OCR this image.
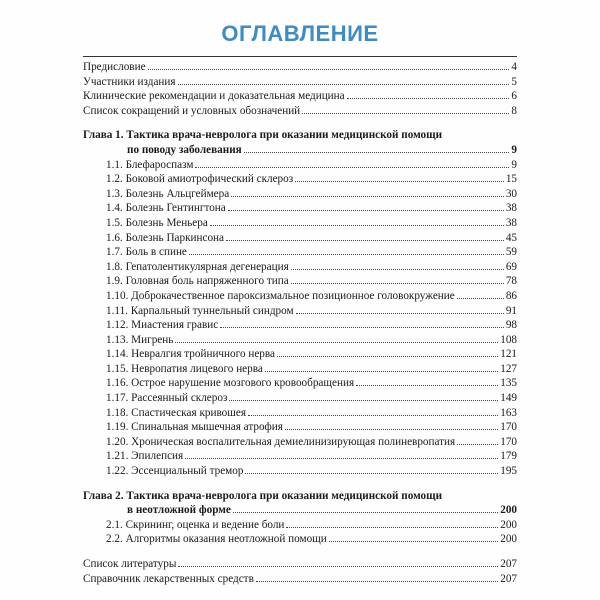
ОГЛАВЛЕНИЕ
Предисловие	4
Участники издания	5
Клинические рекомендации и доказательная медицина	6
Список сокращений и условных обозначений	8
Глава 1. Тактика врача-невролога при оказании медицинской помощи
по поводу заболевания	9
1.1. Блефароспазм	9
1.2. Боковой амиотрофический склероз	15
1.3. Болезнь Альцгеймера	30
1.4. Болезнь Гентингтона	38
1.5. Болезнь Меньера	38
1.6. Болезнь Паркинсона	45
1.7. Боль в спине	59
1.8. Гепатолентикулярная дегенерация	69
1.9. Головная боль напряженного типа	78
1.10. Доброкачественное пароксизмальное позиционное головокружение	86
1.11. Карпальный туннельный синдром	91
1.12. Миастения гравис	98
1.13. Мигрень	108
1.14. Невралгия тройничного нерва	121
1.15. Невропатия лицевого нерва	127
1.16. Острое нарушение мозгового кровообращения	135
1.17. Рассеянный склероз	149
1.18. Спастическая кривошея	163
1.19. Спинальная мышечная атрофия	170
1.20. Хроническая воспалительная демиелинизирующая полиневропатия	170
1.21. Эпилепсия	179
1.22. Эссенциальный тремор	195
Глава 2. Тактика врача-невролога при оказании медицинской помощи
в неотложной форме	200
2.1. Скрининг, оценка и ведение боли	200
2.2. Алгоритмы оказания неотложной помощи	200
Список литературы	207
Справочник лекарственных средств	207
